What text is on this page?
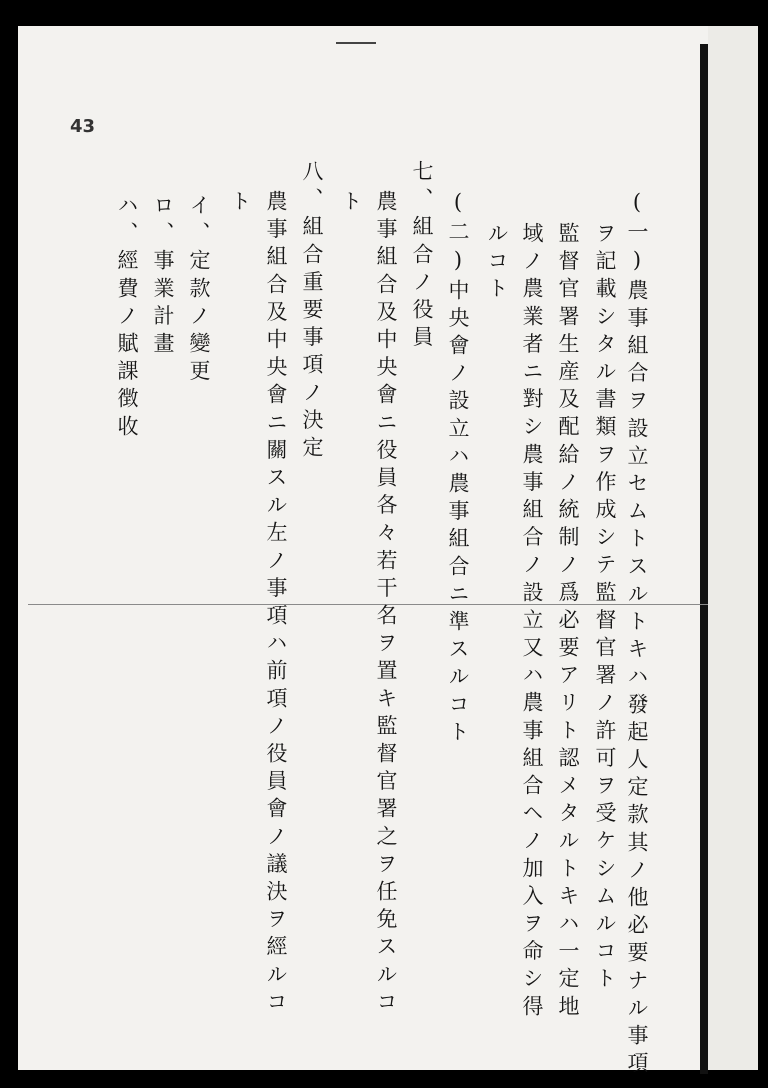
43
(一)農事組合ヲ設立セムトスルトキハ發起人定款其ノ他必要ナル事項
ヲ記載シタル書類ヲ作成シテ監督官署ノ許可ヲ受ケシムルコト
監督官署生産及配給ノ統制ノ爲必要アリト認メタルトキハ一定地
域ノ農業者ニ對シ農事組合ノ設立又ハ農事組合ヘノ加入ヲ命シ得
ルコト
(二)中央會ノ設立ハ農事組合ニ準スルコト
七、組合ノ役員
農事組合及中央會ニ役員各々若干名ヲ置キ監督官署之ヲ任免スルコ
ト
八、組合重要事項ノ決定
農事組合及中央會ニ關スル左ノ事項ハ前項ノ役員會ノ議決ヲ經ルコ
ト
イ、定款ノ變更
ロ、事業計畫
ハ、經費ノ賦課徴收
